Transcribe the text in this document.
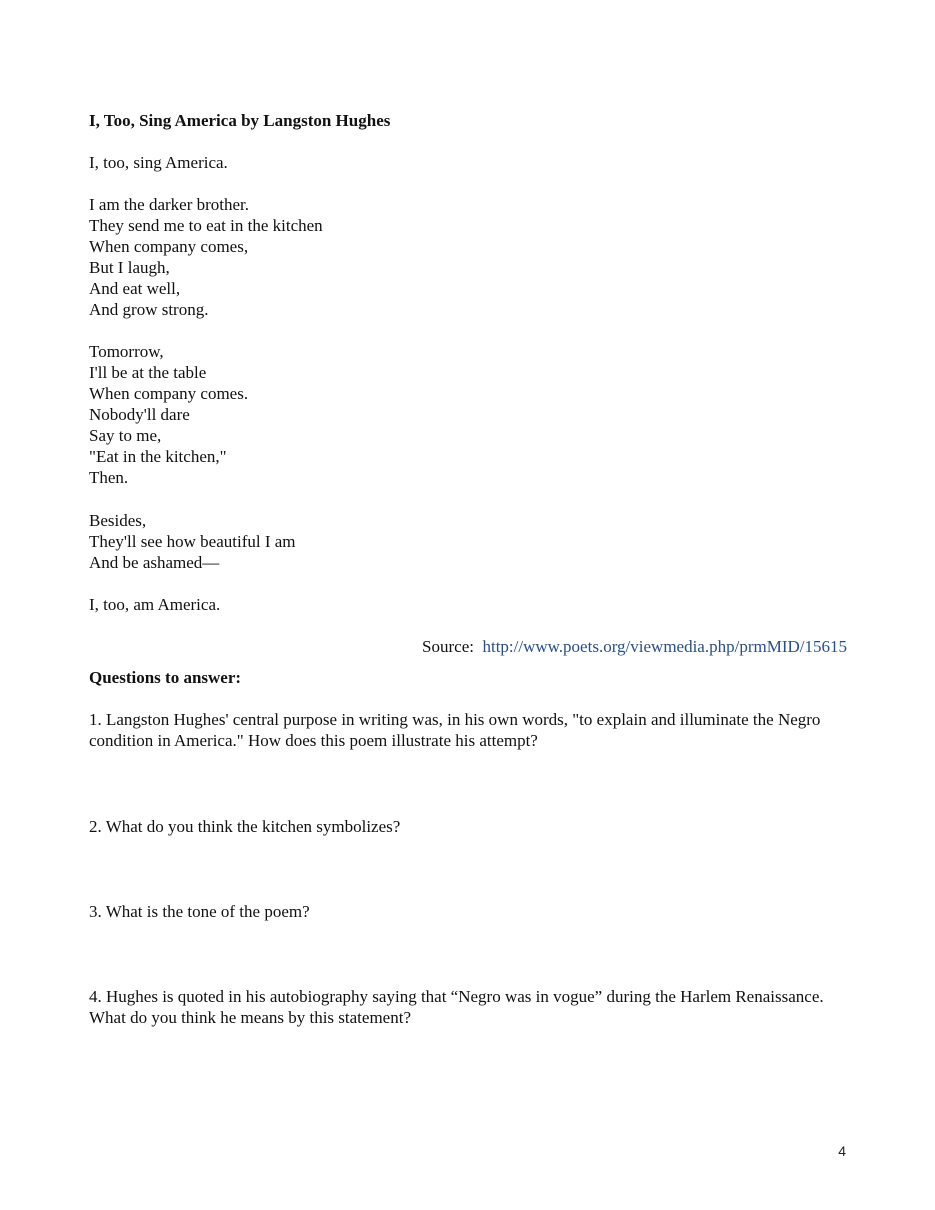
I, Too, Sing America by Langston Hughes
I, too, sing America.
I am the darker brother.
They send me to eat in the kitchen
When company comes,
But I laugh,
And eat well,
And grow strong.
Tomorrow,
I'll be at the table
When company comes.
Nobody'll dare
Say to me,
"Eat in the kitchen,"
Then.
Besides,
They'll see how beautiful I am
And be ashamed—
I, too, am America.
Source: http://www.poets.org/viewmedia.php/prmMID/15615
Questions to answer:

1. Langston Hughes' central purpose in writing was, in his own words, "to explain and illuminate the Negro condition in America." How does this poem illustrate his attempt?

2. What do you think the kitchen symbolizes?

3. What is the tone of the poem?

4. Hughes is quoted in his autobiography saying that “Negro was in vogue” during the Harlem Renaissance. What do you think he means by this statement?

4
